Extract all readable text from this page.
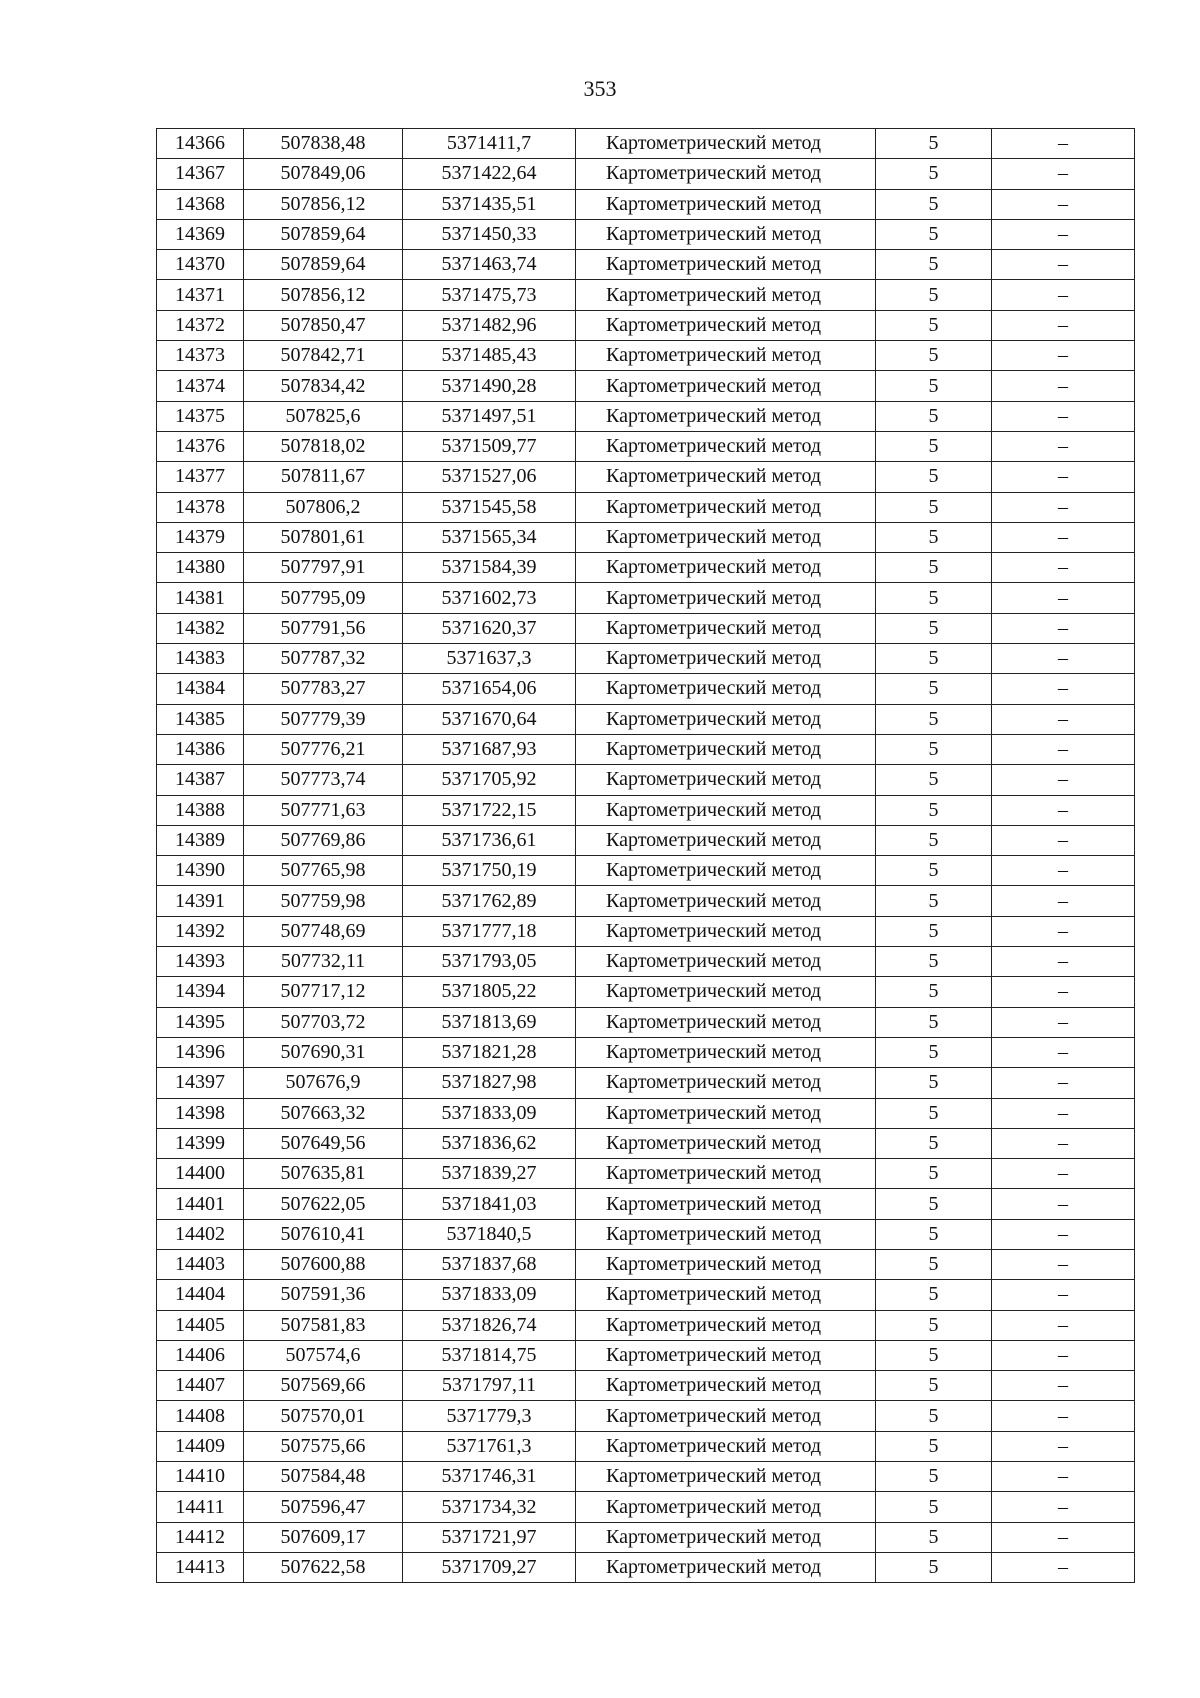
353
14366	507838,48	5371411,7	Картометрический метод	5	–
14367	507849,06	5371422,64	Картометрический метод	5	–
14368	507856,12	5371435,51	Картометрический метод	5	–
14369	507859,64	5371450,33	Картометрический метод	5	–
14370	507859,64	5371463,74	Картометрический метод	5	–
14371	507856,12	5371475,73	Картометрический метод	5	–
14372	507850,47	5371482,96	Картометрический метод	5	–
14373	507842,71	5371485,43	Картометрический метод	5	–
14374	507834,42	5371490,28	Картометрический метод	5	–
14375	507825,6	5371497,51	Картометрический метод	5	–
14376	507818,02	5371509,77	Картометрический метод	5	–
14377	507811,67	5371527,06	Картометрический метод	5	–
14378	507806,2	5371545,58	Картометрический метод	5	–
14379	507801,61	5371565,34	Картометрический метод	5	–
14380	507797,91	5371584,39	Картометрический метод	5	–
14381	507795,09	5371602,73	Картометрический метод	5	–
14382	507791,56	5371620,37	Картометрический метод	5	–
14383	507787,32	5371637,3	Картометрический метод	5	–
14384	507783,27	5371654,06	Картометрический метод	5	–
14385	507779,39	5371670,64	Картометрический метод	5	–
14386	507776,21	5371687,93	Картометрический метод	5	–
14387	507773,74	5371705,92	Картометрический метод	5	–
14388	507771,63	5371722,15	Картометрический метод	5	–
14389	507769,86	5371736,61	Картометрический метод	5	–
14390	507765,98	5371750,19	Картометрический метод	5	–
14391	507759,98	5371762,89	Картометрический метод	5	–
14392	507748,69	5371777,18	Картометрический метод	5	–
14393	507732,11	5371793,05	Картометрический метод	5	–
14394	507717,12	5371805,22	Картометрический метод	5	–
14395	507703,72	5371813,69	Картометрический метод	5	–
14396	507690,31	5371821,28	Картометрический метод	5	–
14397	507676,9	5371827,98	Картометрический метод	5	–
14398	507663,32	5371833,09	Картометрический метод	5	–
14399	507649,56	5371836,62	Картометрический метод	5	–
14400	507635,81	5371839,27	Картометрический метод	5	–
14401	507622,05	5371841,03	Картометрический метод	5	–
14402	507610,41	5371840,5	Картометрический метод	5	–
14403	507600,88	5371837,68	Картометрический метод	5	–
14404	507591,36	5371833,09	Картометрический метод	5	–
14405	507581,83	5371826,74	Картометрический метод	5	–
14406	507574,6	5371814,75	Картометрический метод	5	–
14407	507569,66	5371797,11	Картометрический метод	5	–
14408	507570,01	5371779,3	Картометрический метод	5	–
14409	507575,66	5371761,3	Картометрический метод	5	–
14410	507584,48	5371746,31	Картометрический метод	5	–
14411	507596,47	5371734,32	Картометрический метод	5	–
14412	507609,17	5371721,97	Картометрический метод	5	–
14413	507622,58	5371709,27	Картометрический метод	5	–
